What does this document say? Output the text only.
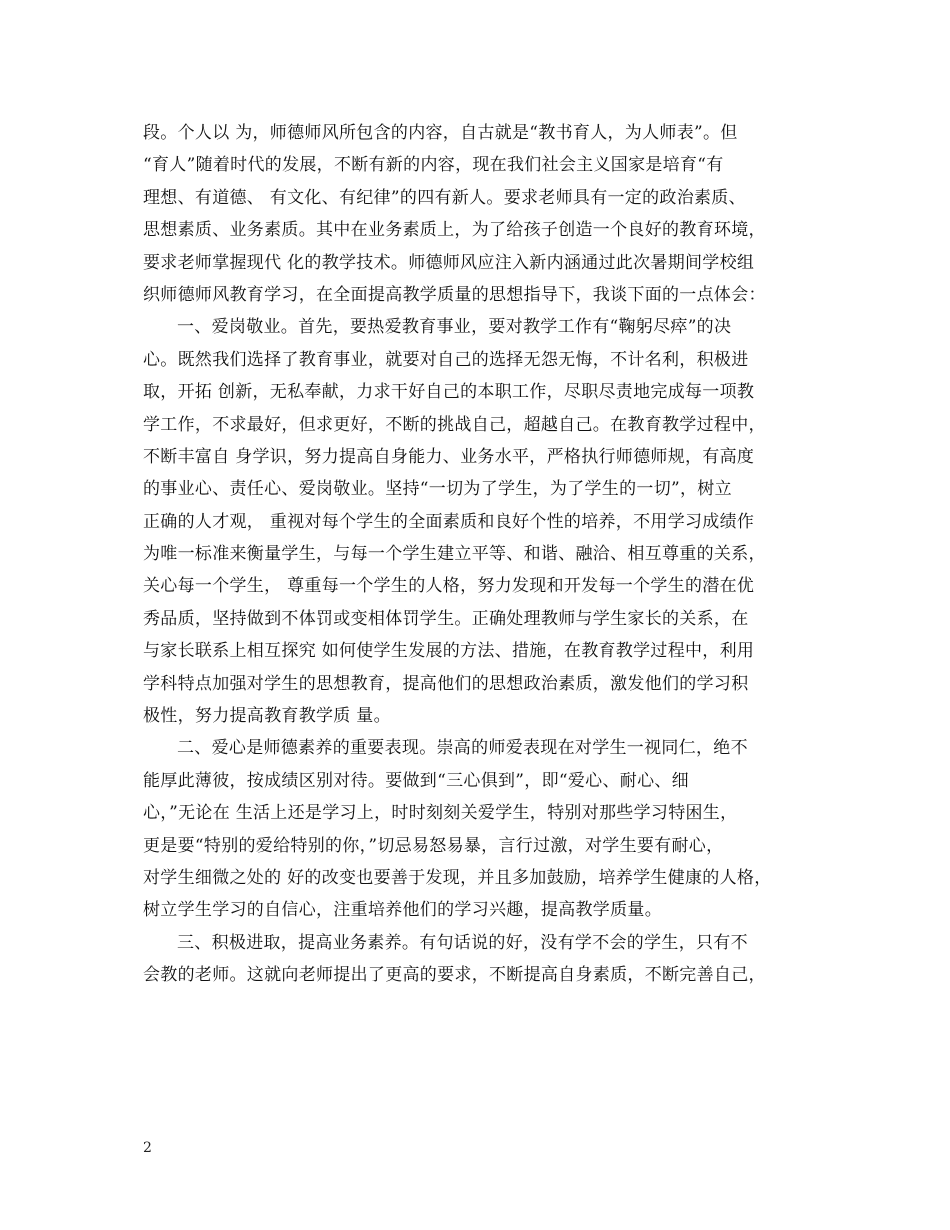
段。个人以 为，师德师风所包含的内容，自古就是“教书育人，为人师表”。但
“育人”随着时代的发展，不断有新的内容，现在我们社会主义国家是培育“有
理想、有道德、 有文化、有纪律”的四有新人。要求老师具有一定的政治素质、
思想素质、业务素质。其中在业务素质上，为了给孩子创造一个良好的教育环境，
要求老师掌握现代 化的教学技术。师德师风应注入新内涵通过此次暑期间学校组
织师德师风教育学习，在全面提高教学质量的思想指导下，我谈下面的一点体会：
一、爱岗敬业。首先，要热爱教育事业，要对教学工作有“鞠躬尽瘁”的决
心。既然我们选择了教育事业，就要对自己的选择无怨无悔，不计名利，积极进
取，开拓 创新，无私奉献，力求干好自己的本职工作，尽职尽责地完成每一项教
学工作，不求最好，但求更好，不断的挑战自己，超越自己。在教育教学过程中，
不断丰富自 身学识，努力提高自身能力、业务水平，严格执行师德师规，有高度
的事业心、责任心、爱岗敬业。坚持“一切为了学生，为了学生的一切”，树立
正确的人才观， 重视对每个学生的全面素质和良好个性的培养，不用学习成绩作
为唯一标准来衡量学生，与每一个学生建立平等、和谐、融洽、相互尊重的关系，
关心每一个学生， 尊重每一个学生的人格，努力发现和开发每一个学生的潜在优
秀品质，坚持做到不体罚或变相体罚学生。正确处理教师与学生家长的关系，在
与家长联系上相互探究 如何使学生发展的方法、措施，在教育教学过程中，利用
学科特点加强对学生的思想教育，提高他们的思想政治素质，激发他们的学习积
极性，努力提高教育教学质 量。
二、爱心是师德素养的重要表现。崇高的师爱表现在对学生一视同仁，绝不
能厚此薄彼，按成绩区别对待。要做到“三心俱到”，即“爱心、耐心、细
心，”无论在 生活上还是学习上，时时刻刻关爱学生，特别对那些学习特困生，
更是要“特别的爱给特别的你，”切忌易怒易暴，言行过激，对学生要有耐心，
对学生细微之处的 好的改变也要善于发现，并且多加鼓励，培养学生健康的人格，
树立学生学习的自信心，注重培养他们的学习兴趣，提高教学质量。
三、积极进取，提高业务素养。有句话说的好，没有学不会的学生，只有不
会教的老师。这就向老师提出了更高的要求，不断提高自身素质，不断完善自己，
2
